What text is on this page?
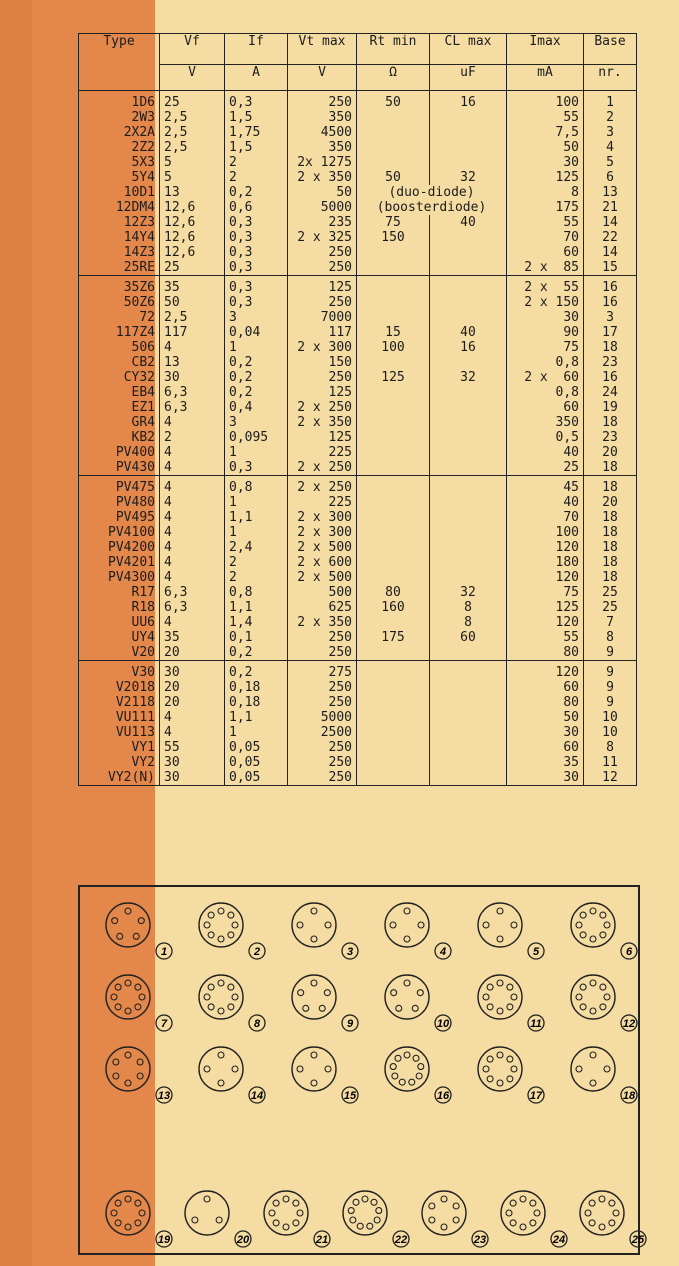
Type	Vf	If	Vt max	Rt min	CL max	Imax	Base
	V	A	V	Ω	uF	mA	nr.
1D6	25	0,3	250	50	16	100	1
2W3	2,5	1,5	350			55	2
2X2A	2,5	1,75	4500			7,5	3
2Z2	2,5	1,5	350			50	4
5X3	5	2	2x 1275			30	5
5Y4	5	2	2 x 350	50	32	125	6
10D1	13	0,2	50	(duo-diode)		8	13
12DM4	12,6	0,6	5000	(boosterdiode)		175	21
12Z3	12,6	0,3	235	75	40	55	14
14Y4	12,6	0,3	2 x 325	150		70	22
14Z3	12,6	0,3	250			60	14
25RE	25	0,3	250			2 x  85	15
35Z6	35	0,3	125			2 x  55	16
50Z6	50	0,3	250			2 x 150	16
72	2,5	3	7000			30	3
117Z4	117	0,04	117	15	40	90	17
506	4	1	2 x 300	100	16	75	18
CB2	13	0,2	150			0,8	23
CY32	30	0,2	250	125	32	2 x  60	16
EB4	6,3	0,2	125			0,8	24
EZ1	6,3	0,4	2 x 250			60	19
GR4	4	3	2 x 350			350	18
KB2	2	0,095	125			0,5	23
PV400	4	1	225			40	20
PV430	4	0,3	2 x 250			25	18
PV475	4	0,8	2 x 250			45	18
PV480	4	1	225			40	20
PV495	4	1,1	2 x 300			70	18
PV4100	4	1	2 x 300			100	18
PV4200	4	2,4	2 x 500			120	18
PV4201	4	2	2 x 600			180	18
PV4300	4	2	2 x 500			120	18
R17	6,3	0,8	500	80	32	75	25
R18	6,3	1,1	625	160	8	125	25
UU6	4	1,4	2 x 350		8	120	7
UY4	35	0,1	250	175	60	55	8
V20	20	0,2	250			80	9
V30	30	0,2	275			120	9
V2018	20	0,18	250			60	9
V2118	20	0,18	250			80	9
VU111	4	1,1	5000			50	10
VU113	4	1	2500			30	10
VY1	55	0,05	250			60	8
VY2	30	0,05	250			35	11
VY2(N)	30	0,05	250			30	12
1	2	3	4	5	6
7	8	9	10	11	12
13	14	15	16	17	18
19	20	21	22	23	24	25
